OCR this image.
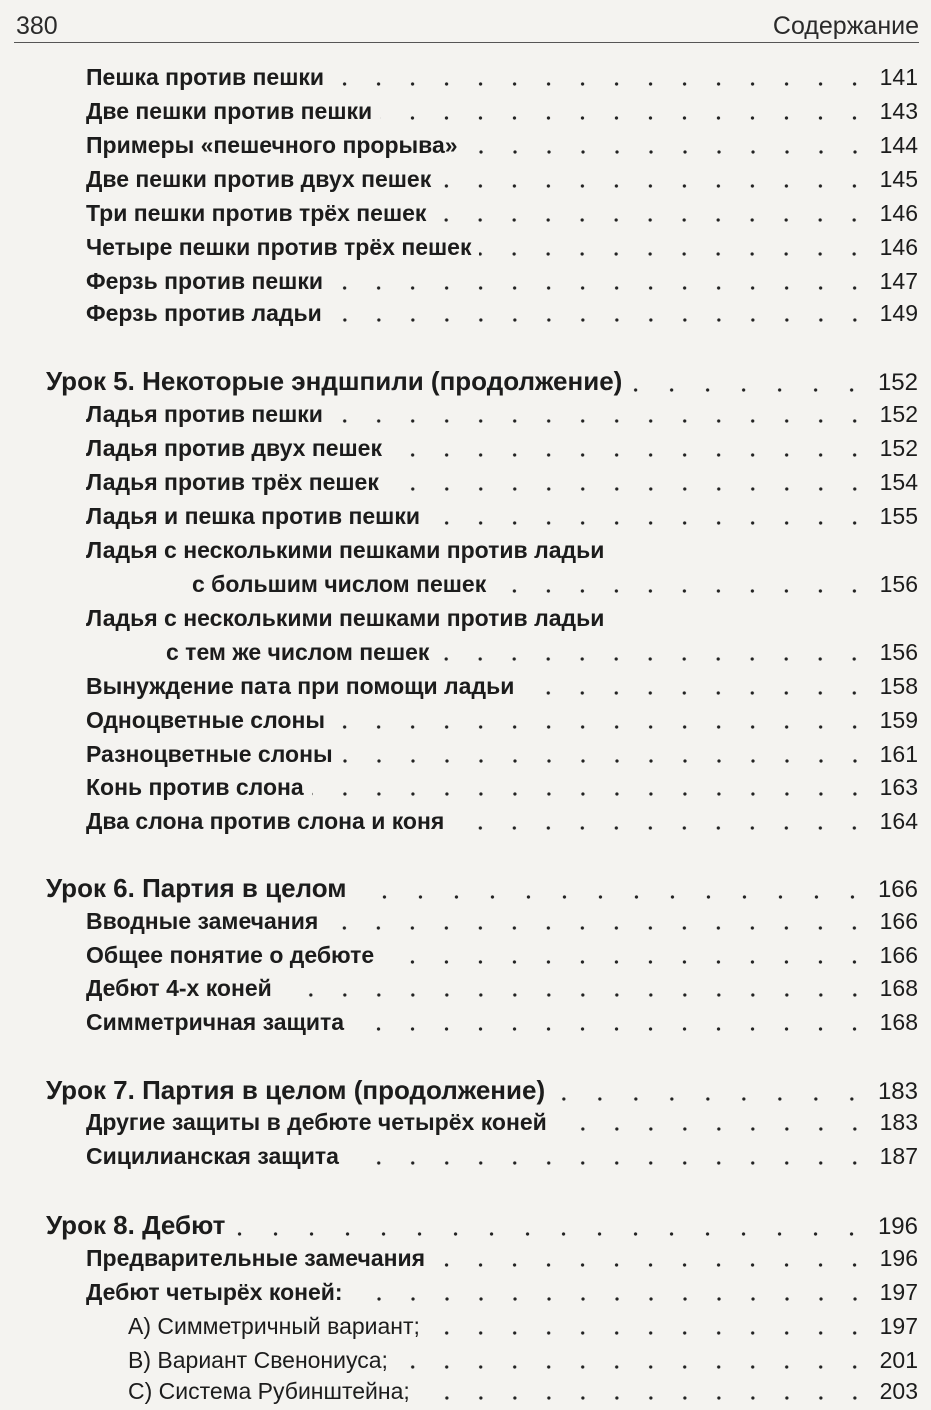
380	Содержание
Пешка против пешки	141
Две пешки против пешки	143
Примеры «пешечного прорыва»	144
Две пешки против двух пешек	145
Три пешки против трёх пешек	146
Четыре пешки против трёх пешек	146
Ферзь против пешки	147
Ферзь против ладьи	149
Урок 5. Некоторые эндшпили (продолжение)	152
Ладья против пешки	152
Ладья против двух пешек	152
Ладья против трёх пешек	154
Ладья и пешка против пешки	155
Ладья с несколькими пешками против ладьи
с большим числом пешек	156
Ладья с несколькими пешками против ладьи
с тем же числом пешек	156
Вынуждение пата при помощи ладьи	158
Одноцветные слоны	159
Разноцветные слоны	161
Конь против слона	163
Два слона против слона и коня	164
Урок 6. Партия в целом	166
Вводные замечания	166
Общее понятие о дебюте	166
Дебют 4-х коней	168
Симметричная защита	168
Урок 7. Партия в целом (продолжение)	183
Другие защиты в дебюте четырёх коней	183
Сицилианская защита	187
Урок 8. Дебют	196
Предварительные замечания	196
Дебют четырёх коней:	197
А) Симметричный вариант;	197
В) Вариант Свенониуса;	201
С) Система Рубинштейна;	203
